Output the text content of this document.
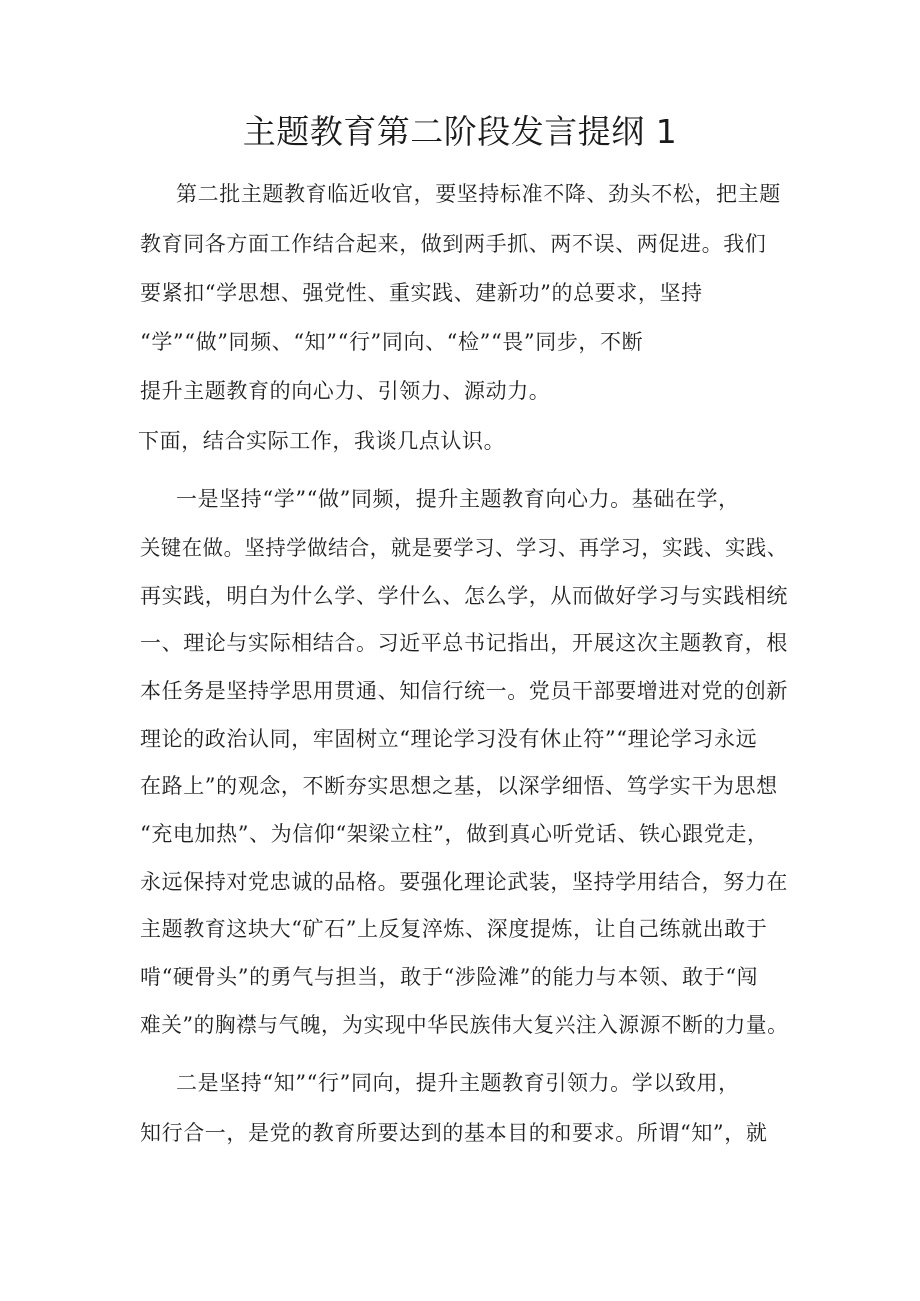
主题教育第二阶段发言提纲 1
第二批主题教育临近收官，要坚持标准不降、劲头不松，把主题
教育同各方面工作结合起来，做到两手抓、两不误、两促进。我们
要紧扣“学思想、强党性、重实践、建新功”的总要求，坚持
“学”“做”同频、“知”“行”同向、“检”“畏”同步，不断
提升主题教育的向心力、引领力、源动力。
下面，结合实际工作，我谈几点认识。
一是坚持“学”“做”同频，提升主题教育向心力。基础在学，
关键在做。坚持学做结合，就是要学习、学习、再学习，实践、实践、
再实践，明白为什么学、学什么、怎么学，从而做好学习与实践相统
一、理论与实际相结合。习近平总书记指出，开展这次主题教育，根
本任务是坚持学思用贯通、知信行统一。党员干部要增进对党的创新
理论的政治认同，牢固树立“理论学习没有休止符”“理论学习永远
在路上”的观念，不断夯实思想之基，以深学细悟、笃学实干为思想
“充电加热”、为信仰“架梁立柱”，做到真心听党话、铁心跟党走，
永远保持对党忠诚的品格。要强化理论武装，坚持学用结合，努力在
主题教育这块大“矿石”上反复淬炼、深度提炼，让自己练就出敢于
啃“硬骨头”的勇气与担当，敢于“涉险滩”的能力与本领、敢于“闯
难关”的胸襟与气魄，为实现中华民族伟大复兴注入源源不断的力量。
二是坚持“知”“行”同向，提升主题教育引领力。学以致用，
知行合一，是党的教育所要达到的基本目的和要求。所谓“知”，就
